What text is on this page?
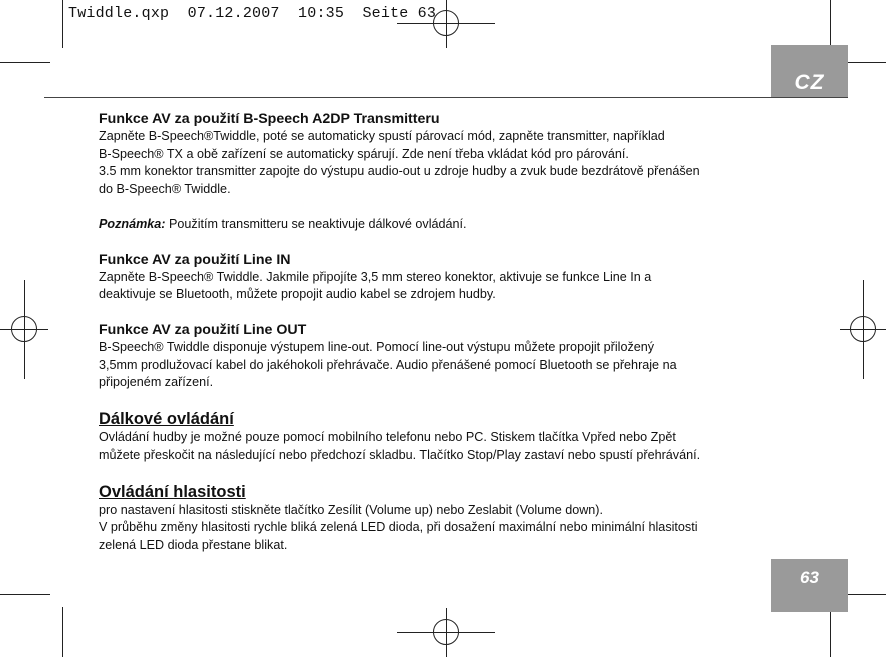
Twiddle.qxp  07.12.2007  10:35  Seite 63
CZ
63
Funkce AV za použití B-Speech A2DP Transmitteru

Zapněte B-Speech®Twiddle, poté se automaticky spustí párovací mód, zapněte transmitter, například

B-Speech® TX a obě zařízení se automaticky spárují. Zde není třeba vkládat kód pro párování.

3.5 mm konektor transmitter zapojte do výstupu audio-out u zdroje hudby a zvuk bude bezdrátově přenášen

do B-Speech® Twiddle.

Poznámka: Použitím transmitteru se neaktivuje dálkové ovládání.

Funkce AV za použití Line IN

Zapněte B-Speech® Twiddle. Jakmile připojíte 3,5 mm stereo konektor, aktivuje se funkce Line In a

deaktivuje se Bluetooth, můžete propojit audio kabel se zdrojem hudby.

Funkce AV za použití Line OUT

B-Speech® Twiddle disponuje výstupem line-out. Pomocí line-out výstupu můžete propojit přiložený

3,5mm prodlužovací kabel do jakéhokoli přehrávače. Audio přenášené pomocí Bluetooth se přehraje na

připojeném zařízení.

Dálkové ovládání

Ovládání hudby je možné pouze pomocí mobilního telefonu nebo PC. Stiskem tlačítka Vpřed nebo Zpět

můžete přeskočit na následující nebo předchozí skladbu. Tlačítko Stop/Play zastaví nebo spustí přehrávání.

Ovládání hlasitosti

pro nastavení hlasitosti stiskněte tlačítko Zesílit (Volume up) nebo Zeslabit (Volume down).

V průběhu změny hlasitosti rychle bliká zelená LED dioda, při dosažení maximální nebo minimální hlasitosti

zelená LED dioda přestane blikat.
